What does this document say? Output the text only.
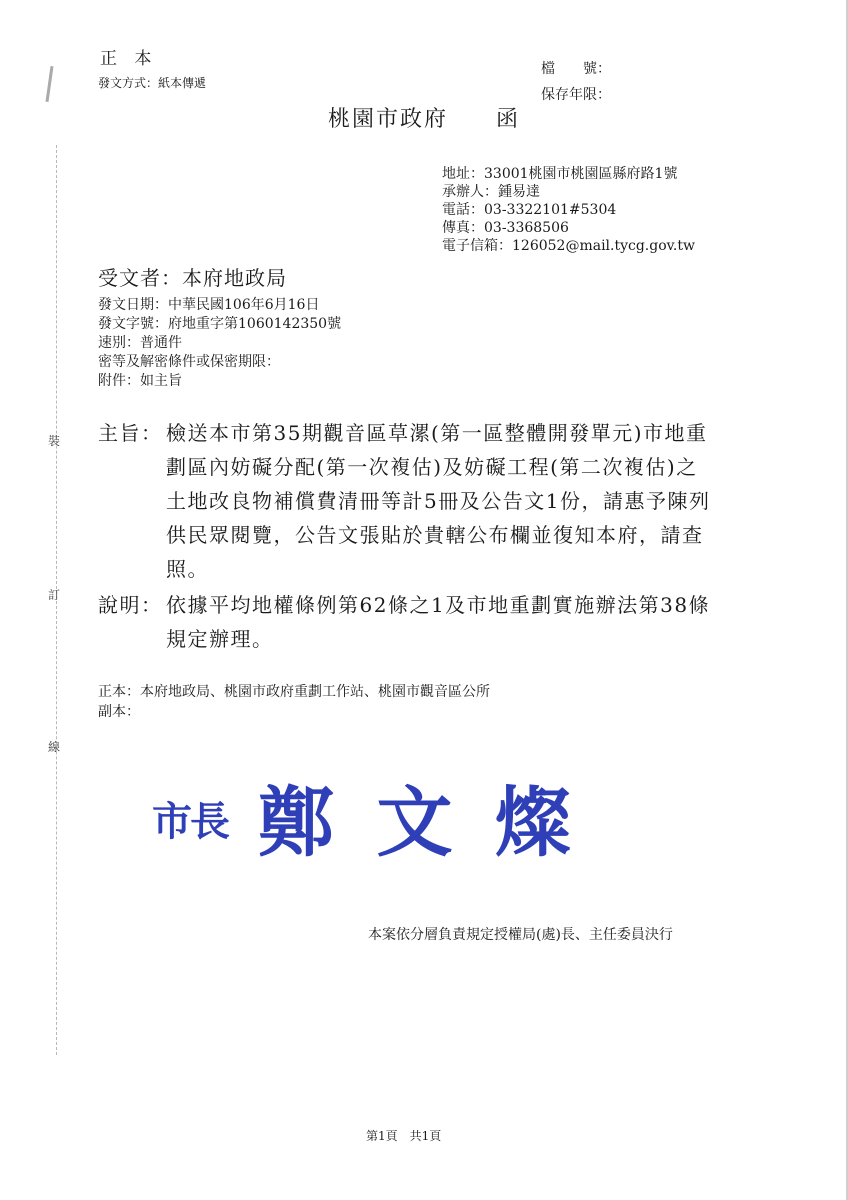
裝
訂
線
正 本
發文方式：紙本傳遞
檔　　號：
保存年限：
桃園市政府　　函
地址：33001桃園市桃園區縣府路1號
承辦人：鍾易達
電話：03-3322101#5304
傳真：03-3368506
電子信箱：126052@mail.tycg.gov.tw
受文者：本府地政局
發文日期：中華民國106年6月16日
發文字號：府地重字第1060142350號
速別：普通件
密等及解密條件或保密期限：
附件：如主旨
主旨： 檢送本市第35期觀音區草漯(第一區整體開發單元)市地重
劃區內妨礙分配(第一次複估)及妨礙工程(第二次複估)之
土地改良物補償費清冊等計5冊及公告文1份，請惠予陳列
供民眾閱覽，公告文張貼於貴轄公布欄並復知本府，請查
照。
說明： 依據平均地權條例第62條之1及市地重劃實施辦法第38條
規定辦理。
正本：本府地政局、桃園市政府重劃工作站、桃園市觀音區公所
副本：
市長 鄭 文 燦
本案依分層負責規定授權局(處)長、主任委員決行
第1頁　共1頁
